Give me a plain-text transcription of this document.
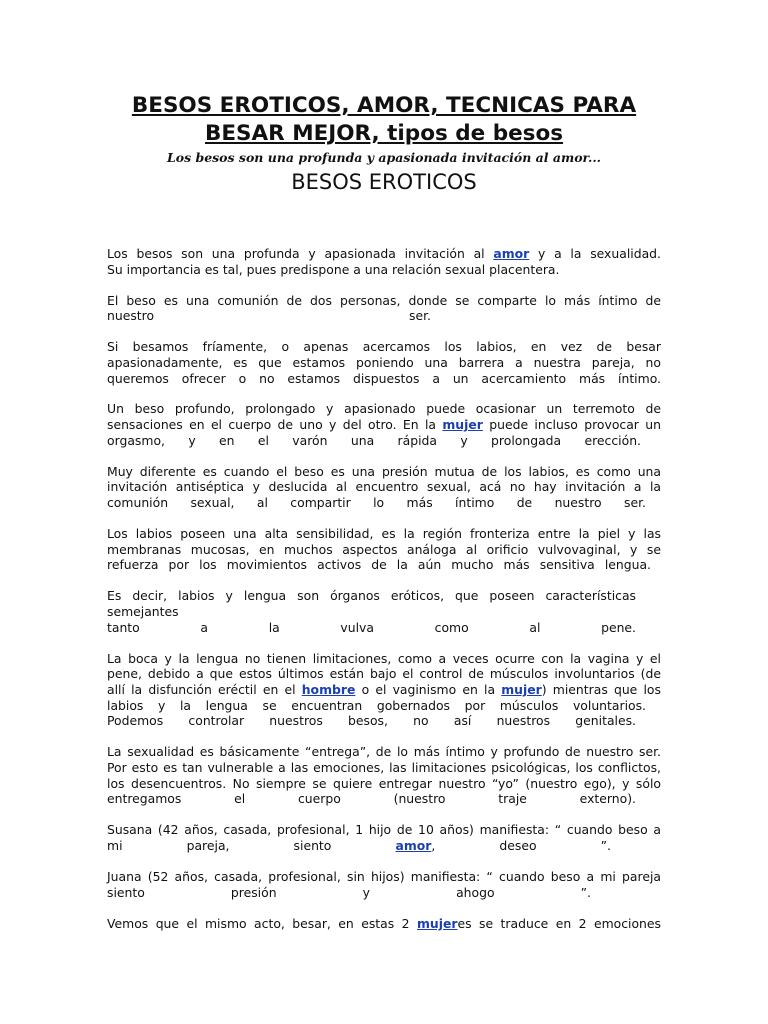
BESOS EROTICOS, AMOR, TECNICAS PARA
BESAR MEJOR, tipos de besos
Los besos son una profunda y apasionada invitación al amor...
BESOS EROTICOS

Los besos son una profunda y apasionada invitación al amor y a la sexualidad.
Su importancia es tal, pues predispone a una relación sexual placentera.

El beso es una comunión de dos personas, donde se comparte lo más íntimo de
nuestro ser.

Si besamos fríamente, o apenas acercamos los labios, en vez de besar
apasionadamente, es que estamos poniendo una barrera a nuestra pareja, no
queremos ofrecer o no estamos dispuestos a un acercamiento más íntimo.

Un beso profundo, prolongado y apasionado puede ocasionar un terremoto de
sensaciones en el cuerpo de uno y del otro. En la mujer puede incluso provocar un
orgasmo, y en el varón una rápida y prolongada erección.

Muy diferente es cuando el beso es una presión mutua de los labios, es como una
invitación antiséptica y deslucida al encuentro sexual, acá no hay invitación a la
comunión sexual, al compartir lo más íntimo de nuestro ser.

Los labios poseen una alta sensibilidad, es la región fronteriza entre la piel y las
membranas mucosas, en muchos aspectos análoga al orificio vulvovaginal, y se
refuerza por los movimientos activos de la aún mucho más sensitiva lengua.

Es decir, labios y lengua son órganos eróticos, que poseen características semejantes
tanto a la vulva como al pene.

La boca y la lengua no tienen limitaciones, como a veces ocurre con la vagina y el
pene, debido a que estos últimos están bajo el control de músculos involuntarios (de
allí la disfunción eréctil en el hombre o el vaginismo en la mujer) mientras que los
labios y la lengua se encuentran gobernados por músculos voluntarios.
Podemos controlar nuestros besos, no así nuestros genitales.

La sexualidad es básicamente “entrega”, de lo más íntimo y profundo de nuestro ser.
Por esto es tan vulnerable a las emociones, las limitaciones psicológicas, los conflictos,
los desencuentros. No siempre se quiere entregar nuestro “yo” (nuestro ego), y sólo
entregamos el cuerpo (nuestro traje externo).

Susana (42 años, casada, profesional, 1 hijo de 10 años) manifiesta: “ cuando beso a
mi pareja, siento	amor, deseo ”.

Juana (52 años, casada, profesional, sin hijos) manifiesta: “ cuando beso a mi pareja
siento presión y ahogo ”.

Vemos que el mismo acto, besar, en estas 2 mujeres se traduce en 2 emociones
